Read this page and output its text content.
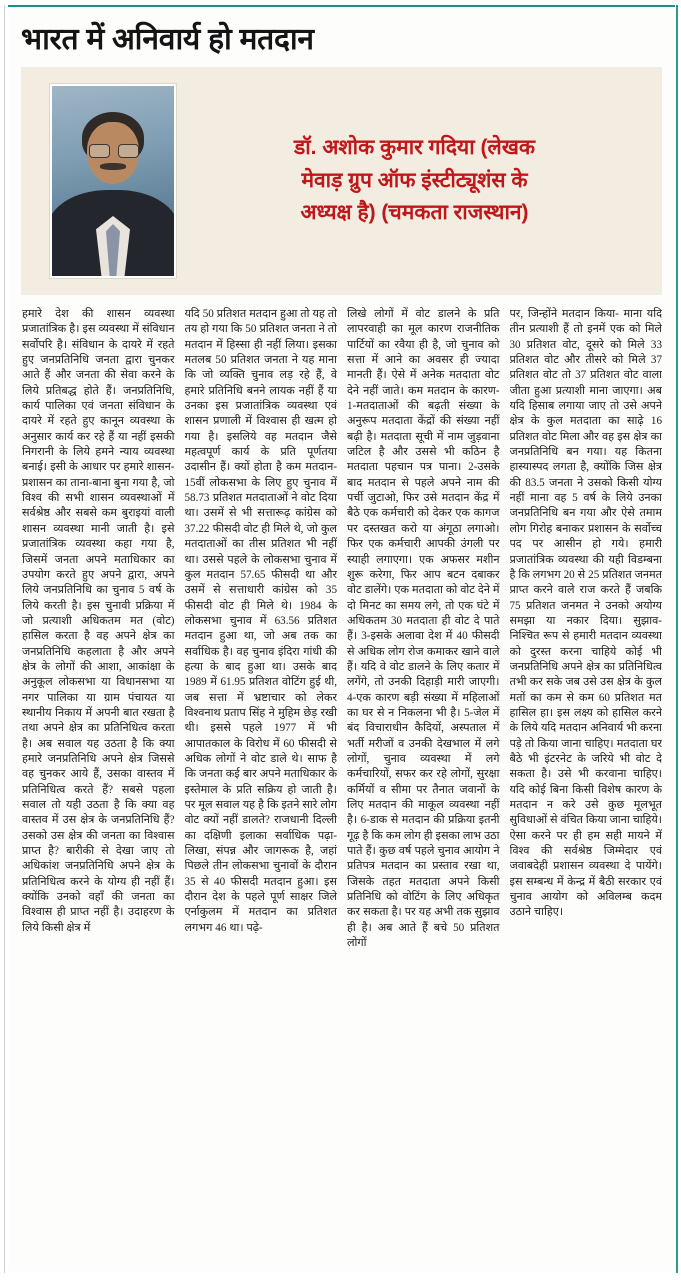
भारत में अनिवार्य हो मतदान
डॉ. अशोक कुमार गदिया (लेखक
मेवाड़ ग्रुप ऑफ इंस्टीट्यूशंस के
अध्यक्ष है) (चमकता राजस्थान)

हमारे देश की शासन व्यवस्था प्रजातांत्रिक है। इस व्यवस्था में संविधान सर्वोपरि है। संविधान के दायरे में रहते हुए जनप्रतिनिधि जनता द्वारा चुनकर आते हैं और जनता की सेवा करने के लिये प्रतिबद्ध होते हैं। जनप्रतिनिधि, कार्य पालिका एवं जनता संविधान के दायरे में रहते हुए कानून व्यवस्था के अनुसार कार्य कर रहे हैं या नहीं इसकी निगरानी के लिये हमने न्याय व्यवस्था बनाई। इसी के आधार पर हमारे शासन-प्रशासन का ताना-बाना बुना गया है, जो विश्व की सभी शासन व्यवस्थाओं में सर्वश्रेष्ठ और सबसे कम बुराइयां वाली शासन व्यवस्था मानी जाती है। इसे प्रजातांत्रिक व्यवस्था कहा गया है, जिसमें जनता अपने मताधिकार का उपयोग करते हुए अपने द्वारा, अपने लिये जनप्रतिनिधि का चुनाव 5 वर्ष के लिये करती है। इस चुनावी प्रक्रिया में जो प्रत्याशी अधिकतम मत (वोट) हासिल करता है वह अपने क्षेत्र का जनप्रतिनिधि कहलाता है और अपने क्षेत्र के लोगों की आशा, आकांक्षा के अनुकूल लोकसभा या विधानसभा या नगर पालिका या ग्राम पंचायत या स्थानीय निकाय में अपनी बात रखता है तथा अपने क्षेत्र का प्रतिनिधित्व करता है। अब सवाल यह उठता है कि क्या हमारे जनप्रतिनिधि अपने क्षेत्र जिससे वह चुनकर आये हैं, उसका वास्तव में प्रतिनिधित्व करते हैं? सबसे पहला सवाल तो यही उठता है कि क्या वह वास्तव में उस क्षेत्र के जनप्रतिनिधि हैं? उसको उस क्षेत्र की जनता का विश्वास प्राप्त है? बारीकी से देखा जाए तो अधिकांश जनप्रतिनिधि अपने क्षेत्र के प्रतिनिधित्व करने के योग्य ही नहीं हैं। क्योंकि उनको वहाँ की जनता का विश्वास ही प्राप्त नहीं है। उदाहरण के लिये किसी क्षेत्र में

यदि 50 प्रतिशत मतदान हुआ तो यह तो तय हो गया कि 50 प्रतिशत जनता ने तो मतदान में हिस्सा ही नहीं लिया। इसका मतलब 50 प्रतिशत जनता ने यह माना कि जो व्यक्ति चुनाव लड़ रहे हैं, वे हमारे प्रतिनिधि बनने लायक नहीं हैं या उनका इस प्रजातांत्रिक व्यवस्था एवं शासन प्रणाली में विश्वास ही खत्म हो गया है। इसलिये वह मतदान जैसे महत्वपूर्ण कार्य के प्रति पूर्णतया उदासीन हैं। क्यों होता है कम मतदान- 15वीं लोकसभा के लिए हुए चुनाव में 58.73 प्रतिशत मतदाताओं ने वोट दिया था। उसमें से भी सत्तारूढ़ कांग्रेस को 37.22 फीसदी वोट ही मिले थे, जो कुल मतदाताओं का तीस प्रतिशत भी नहीं था। उससे पहले के लोकसभा चुनाव में कुल मतदान 57.65 फीसदी था और उसमें से सत्ताधारी कांग्रेस को 35 फीसदी वोट ही मिले थे। 1984 के लोकसभा चुनाव में 63.56 प्रतिशत मतदान हुआ था, जो अब तक का सर्वाधिक है। वह चुनाव इंदिरा गांधी की हत्या के बाद हुआ था। उसके बाद 1989 में 61.95 प्रतिशत वोटिंग हुई थी, जब सत्ता में भ्रष्टाचार को लेकर विश्वनाथ प्रताप सिंह ने मुहिम छेड़ रखी थी। इससे पहले 1977 में भी आपातकाल के विरोध में 60 फीसदी से अधिक लोगों ने वोट डाले थे। साफ है कि जनता कई बार अपने मताधिकार के इस्तेमाल के प्रति सक्रिय हो जाती है। पर मूल सवाल यह है कि इतने सारे लोग वोट क्यों नहीं डालते? राजधानी दिल्ली का दक्षिणी इलाका सर्वाधिक पढ़ा-लिखा, संपन्न और जागरूक है, जहां पिछले तीन लोकसभा चुनावों के दौरान 35 से 40 फीसदी मतदान हुआ। इस दौरान देश के पहले पूर्ण साक्षर जिले एर्नाकुलम में मतदान का प्रतिशत लगभग 46 था। पढ़े-

लिखे लोगों में वोट डालने के प्रति लापरवाही का मूल कारण राजनीतिक पार्टियों का रवैया ही है, जो चुनाव को सत्ता में आने का अवसर ही ज्यादा मानती हैं। ऐसे में अनेक मतदाता वोट देने नहीं जाते। कम मतदान के कारण- 1-मतदाताओं की बढ़ती संख्या के अनुरूप मतदाता केंद्रों की संख्या नहीं बढ़ी है। मतदाता सूची में नाम जुड़वाना जटिल है और उससे भी कठिन है मतदाता पहचान पत्र पाना। 2-उसके बाद मतदान से पहले अपने नाम की पर्ची जुटाओ, फिर उसे मतदान केंद्र में बैठे एक कर्मचारी को देकर एक कागज पर दस्तखत करो या अंगूठा लगाओ। फिर एक कर्मचारी आपकी उंगली पर स्याही लगाएगा। एक अफसर मशीन शुरू करेगा, फिर आप बटन दबाकर वोट डालेंगे। एक मतदाता को वोट देने में दो मिनट का समय लगे, तो एक घंटे में अधिकतम 30 मतदाता ही वोट दे पाते हैं। 3-इसके अलावा देश में 40 फीसदी से अधिक लोग रोज कमाकर खाने वाले हैं। यदि वे वोट डालने के लिए कतार में लगेंगे, तो उनकी दिहाड़ी मारी जाएगी। 4-एक कारण बड़ी संख्या में महिलाओं का घर से न निकलना भी है। 5-जेल में बंद विचाराधीन कैदियों, अस्पताल में भर्ती मरीजों व उनकी देखभाल में लगे लोगों, चुनाव व्यवस्था में लगे कर्मचारियों, सफर कर रहे लोगों, सुरक्षा कर्मियों व सीमा पर तैनात जवानों के लिए मतदान की माकूल व्यवस्था नहीं है। 6-डाक से मतदान की प्रक्रिया इतनी गूढ़ है कि कम लोग ही इसका लाभ उठा पाते हैं। कुछ वर्ष पहले चुनाव आयोग ने प्रतिपत्र मतदान का प्रस्ताव रखा था, जिसके तहत मतदाता अपने किसी प्रतिनिधि को वोटिंग के लिए अधिकृत कर सकता है। पर यह अभी तक सुझाव ही है। अब आते हैं बचे 50 प्रतिशत लोगों

पर, जिन्होंने मतदान किया- माना यदि तीन प्रत्याशी हैं तो इनमें एक को मिले 30 प्रतिशत वोट, दूसरे को मिले 33 प्रतिशत वोट और तीसरे को मिले 37 प्रतिशत वोट तो 37 प्रतिशत वोट वाला जीता हुआ प्रत्याशी माना जाएगा। अब यदि हिसाब लगाया जाए तो उसे अपने क्षेत्र के कुल मतदाता का साढ़े 16 प्रतिशत वोट मिला और वह इस क्षेत्र का जनप्रतिनिधि बन गया। यह कितना हास्यास्पद लगता है, क्योंकि जिस क्षेत्र की 83.5 जनता ने उसको किसी योग्य नहीं माना वह 5 वर्ष के लिये उनका जनप्रतिनिधि बन गया और ऐसे तमाम लोग गिरोह बनाकर प्रशासन के सर्वोच्च पद पर आसीन हो गये। हमारी प्रजातांत्रिक व्यवस्था की यही विडम्बना है कि लगभग 20 से 25 प्रतिशत जनमत प्राप्त करने वाले राज करते हैं जबकि 75 प्रतिशत जनमत ने उनको अयोग्य समझा या नकार दिया। सुझाव- निश्चित रूप से हमारी मतदान व्यवस्था को दुरस्त करना चाहिये कोई भी जनप्रतिनिधि अपने क्षेत्र का प्रतिनिधित्व तभी कर सके जब उसे उस क्षेत्र के कुल मतों का कम से कम 60 प्रतिशत मत हासिल हा। इस लक्ष्य को हासिल करने के लिये यदि मतदान अनिवार्य भी करना पड़े तो किया जाना चाहिए। मतदाता घर बैठे भी इंटरनेट के जरिये भी वोट दे सकता है। उसे भी करवाना चाहिए। यदि कोई बिना किसी विशेष कारण के मतदान न करे उसे कुछ मूलभूत सुविधाओं से वंचित किया जाना चाहिये। ऐसा करने पर ही हम सही मायने में विश्व की सर्वश्रेष्ठ जिम्मेदार एवं जवाबदेही प्रशासन व्यवस्था दे पायेंगे। इस सम्बन्ध में केन्द्र में बैठी सरकार एवं चुनाव आयोग को अविलम्ब कदम उठाने चाहिए।
